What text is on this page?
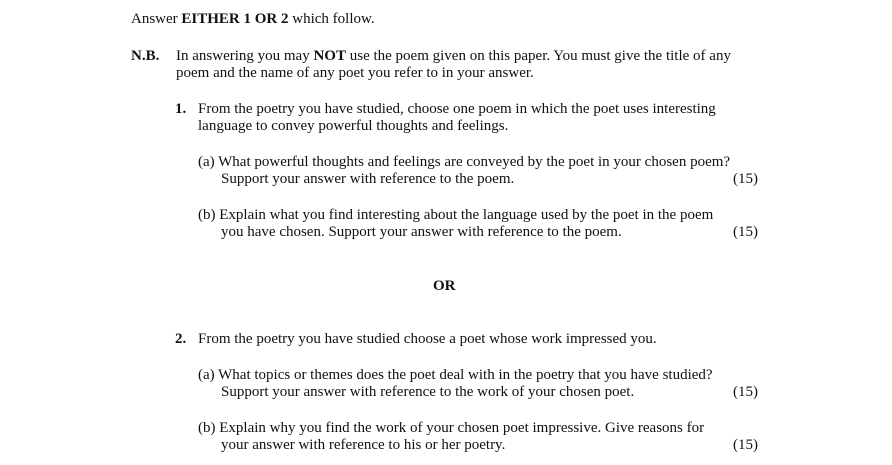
Answer EITHER 1 OR 2 which follow.
N.B. In answering you may NOT use the poem given on this paper. You must give the title of any
poem and the name of any poet you refer to in your answer.
1. From the poetry you have studied, choose one poem in which the poet uses interesting
language to convey powerful thoughts and feelings.
(a) What powerful thoughts and feelings are conveyed by the poet in your chosen poem?
Support your answer with reference to the poem.	(15)
(b) Explain what you find interesting about the language used by the poet in the poem
you have chosen. Support your answer with reference to the poem.	(15)
OR
2. From the poetry you have studied choose a poet whose work impressed you.
(a) What topics or themes does the poet deal with in the poetry that you have studied?
Support your answer with reference to the work of your chosen poet.	(15)
(b) Explain why you find the work of your chosen poet impressive. Give reasons for
your answer with reference to his or her poetry.	(15)
